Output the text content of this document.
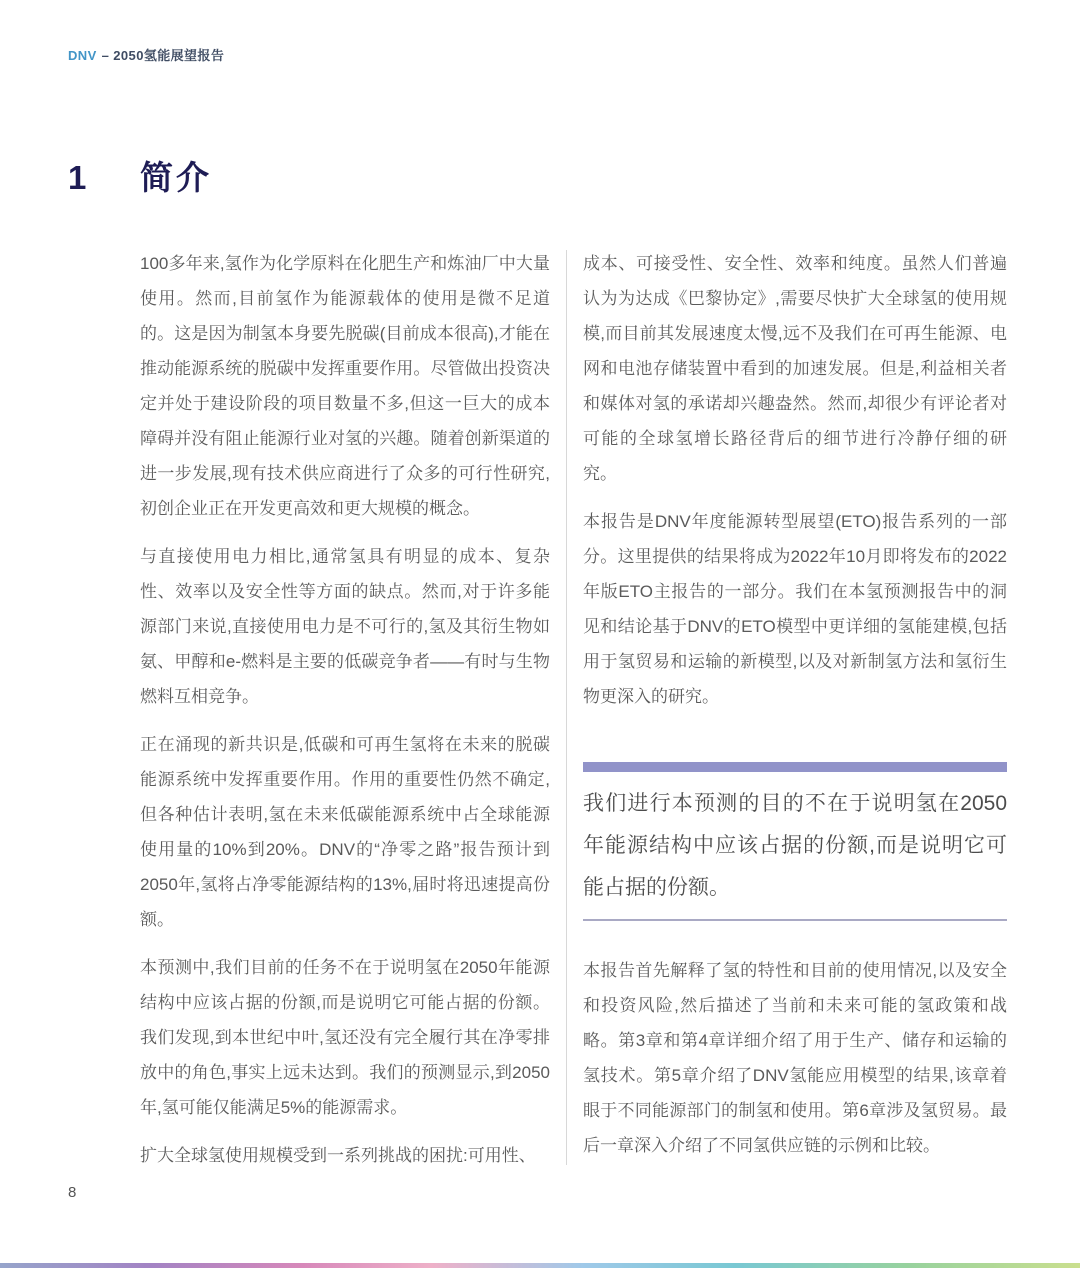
DNV – 2050氢能展望报告
1 简介

100多年来,氢作为化学原料在化肥生产和炼油厂中大量使用。然而,目前氢作为能源载体的使用是微不足道的。这是因为制氢本身要先脱碳(目前成本很高),才能在推动能源系统的脱碳中发挥重要作用。尽管做出投资决定并处于建设阶段的项目数量不多,但这一巨大的成本障碍并没有阻止能源行业对氢的兴趣。随着创新渠道的进一步发展,现有技术供应商进行了众多的可行性研究,初创企业正在开发更高效和更大规模的概念。

与直接使用电力相比,通常氢具有明显的成本、复杂性、效率以及安全性等方面的缺点。然而,对于许多能源部门来说,直接使用电力是不可行的,氢及其衍生物如氨、甲醇和e-燃料是主要的低碳竞争者——有时与生物燃料互相竞争。

正在涌现的新共识是,低碳和可再生氢将在未来的脱碳能源系统中发挥重要作用。作用的重要性仍然不确定,但各种估计表明,氢在未来低碳能源系统中占全球能源使用量的10%到20%。DNV的“净零之路”报告预计到2050年,氢将占净零能源结构的13%,届时将迅速提高份额。

本预测中,我们目前的任务不在于说明氢在2050年能源结构中应该占据的份额,而是说明它可能占据的份额。我们发现,到本世纪中叶,氢还没有完全履行其在净零排放中的角色,事实上远未达到。我们的预测显示,到2050年,氢可能仅能满足5%的能源需求。

扩大全球氢使用规模受到一系列挑战的困扰:可用性、

成本、可接受性、安全性、效率和纯度。虽然人们普遍认为为达成《巴黎协定》,需要尽快扩大全球氢的使用规模,而目前其发展速度太慢,远不及我们在可再生能源、电网和电池存储装置中看到的加速发展。但是,利益相关者和媒体对氢的承诺却兴趣盎然。然而,却很少有评论者对可能的全球氢增长路径背后的细节进行冷静仔细的研究。

本报告是DNV年度能源转型展望(ETO)报告系列的一部分。这里提供的结果将成为2022年10月即将发布的2022年版ETO主报告的一部分。我们在本氢预测报告中的洞见和结论基于DNV的ETO模型中更详细的氢能建模,包括用于氢贸易和运输的新模型,以及对新制氢方法和氢衍生物更深入的研究。

我们进行本预测的目的不在于说明氢在2050年能源结构中应该占据的份额,而是说明它可能占据的份额。

本报告首先解释了氢的特性和目前的使用情况,以及安全和投资风险,然后描述了当前和未来可能的氢政策和战略。第3章和第4章详细介绍了用于生产、储存和运输的氢技术。第5章介绍了DNV氢能应用模型的结果,该章着眼于不同能源部门的制氢和使用。第6章涉及氢贸易。最后一章深入介绍了不同氢供应链的示例和比较。

8
